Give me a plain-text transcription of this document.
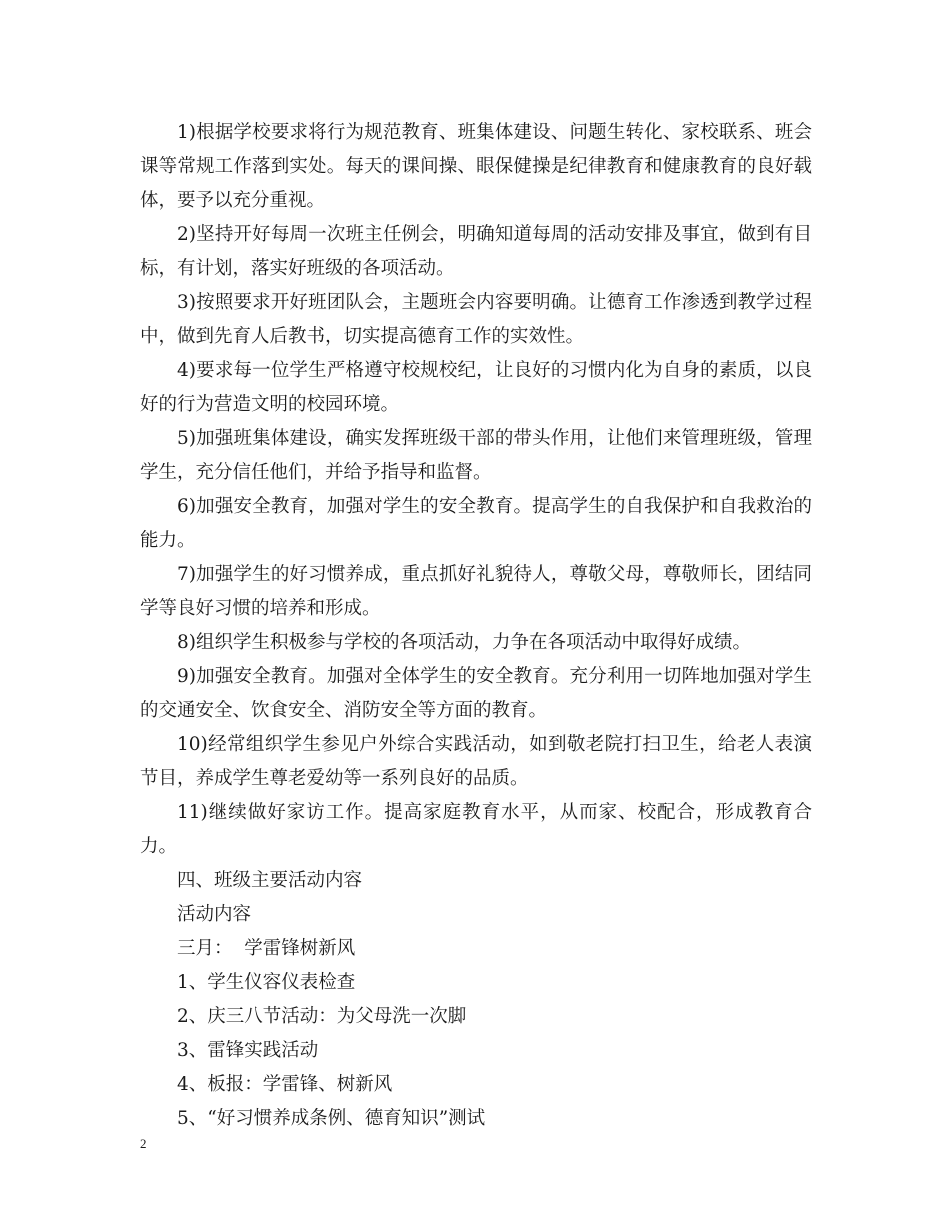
1)根据学校要求将行为规范教育、班集体建设、问题生转化、家校联系、班会课等常规工作落到实处。每天的课间操、眼保健操是纪律教育和健康教育的良好载体，要予以充分重视。

2)坚持开好每周一次班主任例会，明确知道每周的活动安排及事宜，做到有目标，有计划，落实好班级的各项活动。

3)按照要求开好班团队会，主题班会内容要明确。让德育工作渗透到教学过程中，做到先育人后教书，切实提高德育工作的实效性。

4)要求每一位学生严格遵守校规校纪，让良好的习惯内化为自身的素质，以良好的行为营造文明的校园环境。

5)加强班集体建设，确实发挥班级干部的带头作用，让他们来管理班级，管理学生，充分信任他们，并给予指导和监督。

6)加强安全教育，加强对学生的安全教育。提高学生的自我保护和自我救治的能力。

7)加强学生的好习惯养成，重点抓好礼貌待人，尊敬父母，尊敬师长，团结同学等良好习惯的培养和形成。

8)组织学生积极参与学校的各项活动，力争在各项活动中取得好成绩。

9)加强安全教育。加强对全体学生的安全教育。充分利用一切阵地加强对学生的交通安全、饮食安全、消防安全等方面的教育。

10)经常组织学生参见户外综合实践活动，如到敬老院打扫卫生，给老人表演节目，养成学生尊老爱幼等一系列良好的品质。

11)继续做好家访工作。提高家庭教育水平，从而家、校配合，形成教育合力。

四、班级主要活动内容

活动内容

三月：  学雷锋树新风

1、学生仪容仪表检查

2、庆三八节活动：为父母洗一次脚

3、雷锋实践活动

4、板报：学雷锋、树新风

5、“好习惯养成条例、德育知识”测试

2
